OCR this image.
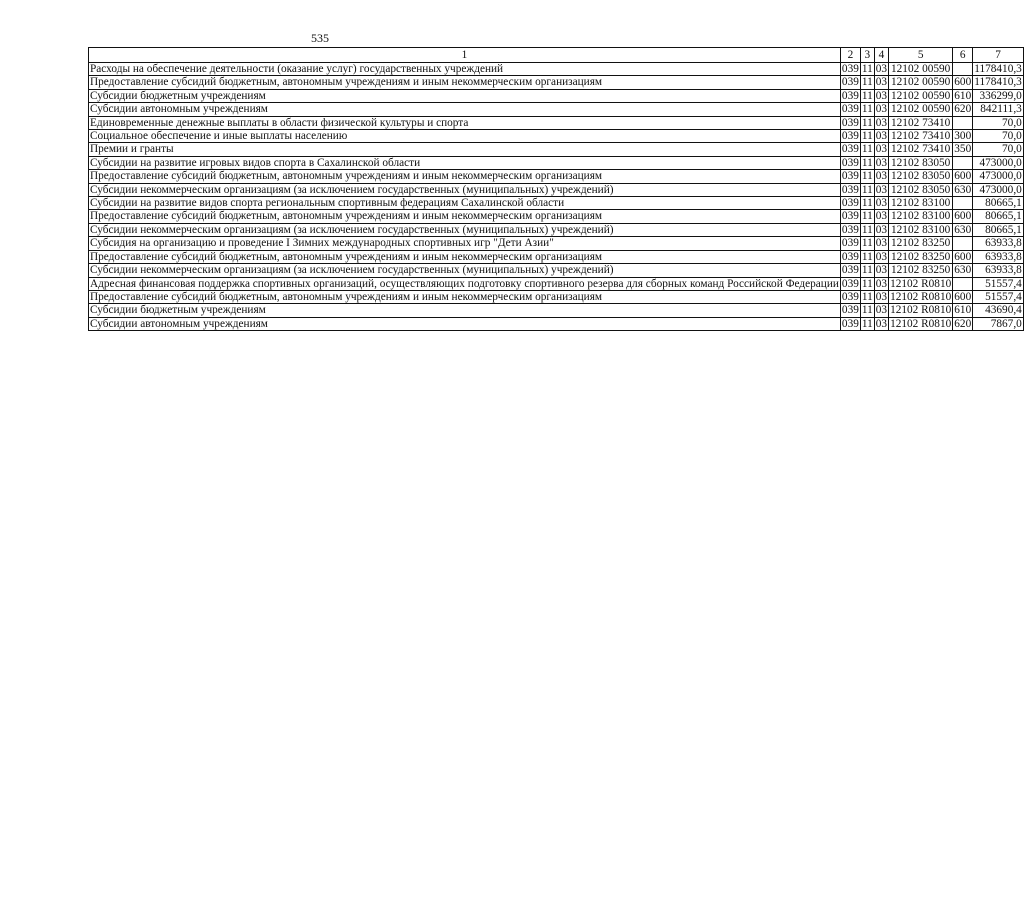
535
1	2	3	4	5	6	7
Расходы на обеспечение деятельности (оказание услуг) государственных учреждений	039	11	03	12102 00590		1178410,3
Предоставление субсидий бюджетным, автономным учреждениям и иным некоммерческим организациям	039	11	03	12102 00590	600	1178410,3
Субсидии бюджетным учреждениям	039	11	03	12102 00590	610	336299,0
Субсидии автономным учреждениям	039	11	03	12102 00590	620	842111,3
Единовременные денежные выплаты в области физической культуры и спорта	039	11	03	12102 73410		70,0
Социальное обеспечение и иные выплаты населению	039	11	03	12102 73410	300	70,0
Премии и гранты	039	11	03	12102 73410	350	70,0
Субсидии на развитие игровых видов спорта в Сахалинской области	039	11	03	12102 83050		473000,0
Предоставление субсидий бюджетным, автономным учреждениям и иным некоммерческим организациям	039	11	03	12102 83050	600	473000,0
Субсидии некоммерческим организациям (за исключением государственных (муниципальных) учреждений)	039	11	03	12102 83050	630	473000,0
Субсидии на развитие видов спорта региональным спортивным федерациям Сахалинской области	039	11	03	12102 83100		80665,1
Предоставление субсидий бюджетным, автономным учреждениям и иным некоммерческим организациям	039	11	03	12102 83100	600	80665,1
Субсидии некоммерческим организациям (за исключением государственных (муниципальных) учреждений)	039	11	03	12102 83100	630	80665,1
Субсидия на организацию и проведение I Зимних международных спортивных игр "Дети Азии"	039	11	03	12102 83250		63933,8
Предоставление субсидий бюджетным, автономным учреждениям и иным некоммерческим организациям	039	11	03	12102 83250	600	63933,8
Субсидии некоммерческим организациям (за исключением государственных (муниципальных) учреждений)	039	11	03	12102 83250	630	63933,8
Адресная финансовая поддержка спортивных организаций, осуществляющих подготовку спортивного резерва для сборных команд Российской Федерации	039	11	03	12102 R0810		51557,4
Предоставление субсидий бюджетным, автономным учреждениям и иным некоммерческим организациям	039	11	03	12102 R0810	600	51557,4
Субсидии бюджетным учреждениям	039	11	03	12102 R0810	610	43690,4
Субсидии автономным учреждениям	039	11	03	12102 R0810	620	7867,0
